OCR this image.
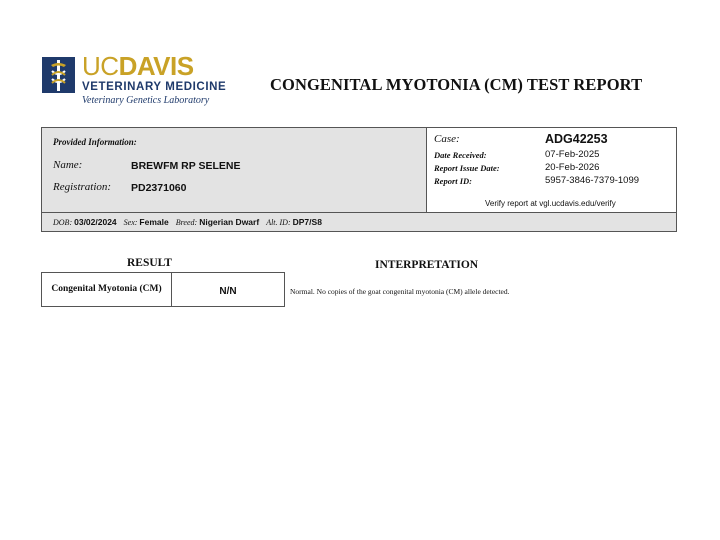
UCDAVIS
VETERINARY MEDICINE
Veterinary Genetics Laboratory
CONGENITAL MYOTONIA (CM) TEST REPORT
Provided Information:
Name:	BREWFM RP SELENE
Registration: PD2371060
Case:	ADG42253
Date Received:	07-Feb-2025
Report Issue Date:	20-Feb-2026
Report ID:	5957-3846-7379-1099
Verify report at vgl.ucdavis.edu/verify
DOB: 03/02/2024 Sex: Female Breed: Nigerian Dwarf Alt. ID: DP7/S8
RESULT	INTERPRETATION
Congenital Myotonia (CM)	N/N	Normal. No copies of the goat congenital myotonia (CM) allele detected.
